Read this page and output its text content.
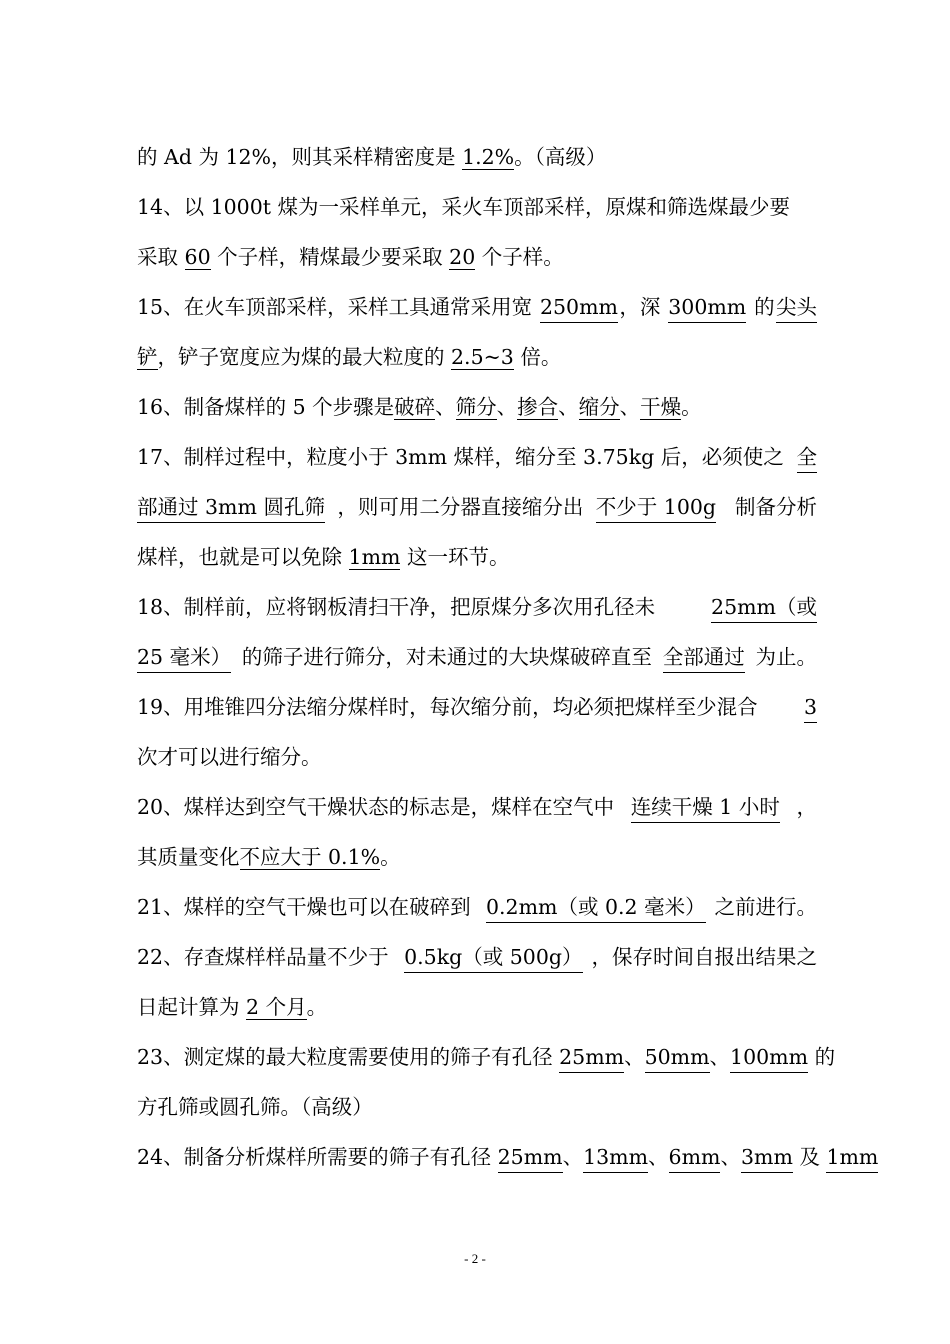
的 Ad 为 12%，则其采样精密度是 1.2%。（高级）
14、以 1000t 煤为一采样单元，采火车顶部采样，原煤和筛选煤最少要
采取 60 个子样，精煤最少要采取 20 个子样。
15、在火车顶部采样，采样工具通常采用宽 250mm ，深 300mm 的 尖头
铲，铲子宽度应为煤的最大粒度的 2.5~3 倍。
16、制备煤样的 5 个步骤是破碎、筛分、掺合、缩分、干燥。
17、制样过程中，粒度小于 3mm 煤样，缩分至 3.75kg 后，必须使之 全
部通过 3mm 圆孔筛 ，则可用二分器直接缩分出 不少于 100g 制备分析
煤样，也就是可以免除 1mm 这一环节。
18、制样前，应将钢板清扫干净，把原煤分多次用孔径未 25mm（或
25 毫米） 的筛子进行筛分，对未通过的大块煤破碎直至 全部通过 为止。
19、用堆锥四分法缩分煤样时，每次缩分前，均必须把煤样至少混合 3
次才可以进行缩分。
20、煤样达到空气干燥状态的标志是，煤样在空气中 连续干燥 1 小时 ，
其质量变化不应大于 0.1%。
21、煤样的空气干燥也可以在破碎到 0.2mm（或 0.2 毫米） 之前进行。
22、存查煤样样品量不少于 0.5kg（或 500g） ，保存时间自报出结果之
日起计算为 2 个月。
23、测定煤的最大粒度需要使用的筛子有孔径 25mm 、 50mm 、 100mm 的
方孔筛或圆孔筛。（高级）
24、制备分析煤样所需要的筛子有孔径 25mm 、 13mm 、 6mm 、 3mm 及 1mm
- 2 -
